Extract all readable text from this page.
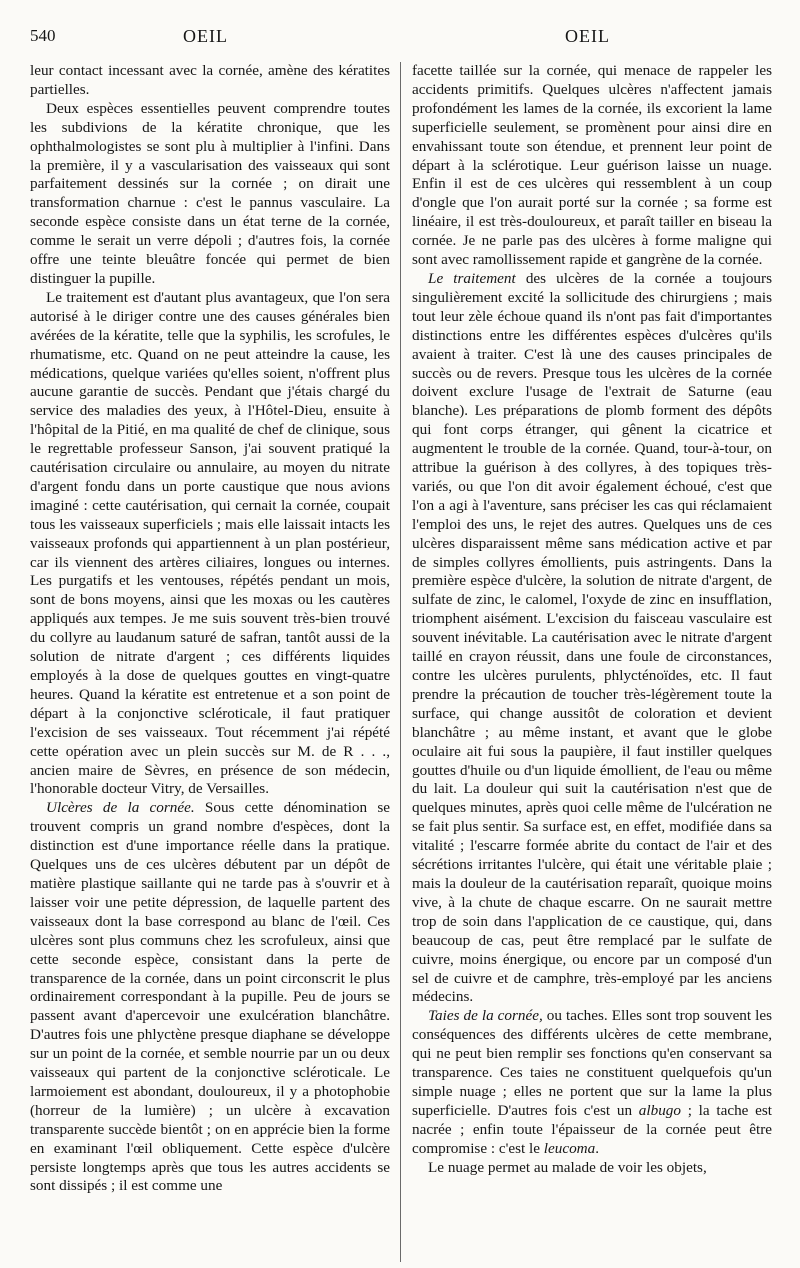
540	OEIL	OEIL

leur contact incessant avec la cornée, amène des kératites partielles.

Deux espèces essentielles peuvent comprendre toutes les subdivions de la kératite chronique, que les ophthalmologistes se sont plu à multiplier à l'infini. Dans la première, il y a vascularisation des vaisseaux qui sont parfaitement dessinés sur la cornée ; on dirait une transformation charnue : c'est le pannus vasculaire. La seconde espèce consiste dans un état terne de la cornée, comme le serait un verre dépoli ; d'autres fois, la cornée offre une teinte bleuâtre foncée qui permet de bien distinguer la pupille.

Le traitement est d'autant plus avantageux, que l'on sera autorisé à le diriger contre une des causes générales bien avérées de la kératite, telle que la syphilis, les scrofules, le rhumatisme, etc. Quand on ne peut atteindre la cause, les médications, quelque variées qu'elles soient, n'offrent plus aucune garantie de succès. Pendant que j'étais chargé du service des maladies des yeux, à l'Hôtel-Dieu, ensuite à l'hôpital de la Pitié, en ma qualité de chef de clinique, sous le regrettable professeur Sanson, j'ai souvent pratiqué la cautérisation circulaire ou annulaire, au moyen du nitrate d'argent fondu dans un porte caustique que nous avions imaginé : cette cautérisation, qui cernait la cornée, coupait tous les vaisseaux superficiels ; mais elle laissait intacts les vaisseaux profonds qui appartiennent à un plan postérieur, car ils viennent des artères ciliaires, longues ou internes. Les purgatifs et les ventouses, répétés pendant un mois, sont de bons moyens, ainsi que les moxas ou les cautères appliqués aux tempes. Je me suis souvent très-bien trouvé du collyre au laudanum saturé de safran, tantôt aussi de la solution de nitrate d'argent ; ces différents liquides employés à la dose de quelques gouttes en vingt-quatre heures. Quand la kératite est entretenue et a son point de départ à la conjonctive scléroticale, il faut pratiquer l'excision de ses vaisseaux. Tout récemment j'ai répété cette opération avec un plein succès sur M. de R . . ., ancien maire de Sèvres, en présence de son médecin, l'honorable docteur Vitry, de Versailles.

Ulcères de la cornée. Sous cette dénomination se trouvent compris un grand nombre d'espèces, dont la distinction est d'une importance réelle dans la pratique. Quelques uns de ces ulcères débutent par un dépôt de matière plastique saillante qui ne tarde pas à s'ouvrir et à laisser voir une petite dépression, de laquelle partent des vaisseaux dont la base correspond au blanc de l'œil. Ces ulcères sont plus communs chez les scrofuleux, ainsi que cette seconde espèce, consistant dans la perte de transparence de la cornée, dans un point circonscrit le plus ordinairement correspondant à la pupille. Peu de jours se passent avant d'apercevoir une exulcération blanchâtre. D'autres fois une phlyctène presque diaphane se développe sur un point de la cornée, et semble nourrie par un ou deux vaisseaux qui partent de la conjonctive scléroticale. Le larmoiement est abondant, douloureux, il y a photophobie (horreur de la lumière) ; un ulcère à excavation transparente succède bientôt ; on en apprécie bien la forme en examinant l'œil obliquement. Cette espèce d'ulcère persiste longtemps après que tous les autres accidents se sont dissipés ; il est comme une

facette taillée sur la cornée, qui menace de rappeler les accidents primitifs. Quelques ulcères n'affectent jamais profondément les lames de la cornée, ils excorient la lame superficielle seulement, se promènent pour ainsi dire en envahissant toute son étendue, et prennent leur point de départ à la sclérotique. Leur guérison laisse un nuage. Enfin il est de ces ulcères qui ressemblent à un coup d'ongle que l'on aurait porté sur la cornée ; sa forme est linéaire, il est très-douloureux, et paraît tailler en biseau la cornée. Je ne parle pas des ulcères à forme maligne qui sont avec ramollissement rapide et gangrène de la cornée.

Le traitement des ulcères de la cornée a toujours singulièrement excité la sollicitude des chirurgiens ; mais tout leur zèle échoue quand ils n'ont pas fait d'importantes distinctions entre les différentes espèces d'ulcères qu'ils avaient à traiter. C'est là une des causes principales de succès ou de revers. Presque tous les ulcères de la cornée doivent exclure l'usage de l'extrait de Saturne (eau blanche). Les préparations de plomb forment des dépôts qui font corps étranger, qui gênent la cicatrice et augmentent le trouble de la cornée. Quand, tour-à-tour, on attribue la guérison à des collyres, à des topiques très-variés, ou que l'on dit avoir également échoué, c'est que l'on a agi à l'aventure, sans préciser les cas qui réclamaient l'emploi des uns, le rejet des autres. Quelques uns de ces ulcères disparaissent même sans médication active et par de simples collyres émollients, puis astringents. Dans la première espèce d'ulcère, la solution de nitrate d'argent, de sulfate de zinc, le calomel, l'oxyde de zinc en insufflation, triomphent aisément. L'excision du faisceau vasculaire est souvent inévitable. La cautérisation avec le nitrate d'argent taillé en crayon réussit, dans une foule de circonstances, contre les ulcères purulents, phlycténoïdes, etc. Il faut prendre la précaution de toucher très-légèrement toute la surface, qui change aussitôt de coloration et devient blanchâtre ; au même instant, et avant que le globe oculaire ait fui sous la paupière, il faut instiller quelques gouttes d'huile ou d'un liquide émollient, de l'eau ou même du lait. La douleur qui suit la cautérisation n'est que de quelques minutes, après quoi celle même de l'ulcération ne se fait plus sentir. Sa surface est, en effet, modifiée dans sa vitalité ; l'escarre formée abrite du contact de l'air et des sécrétions irritantes l'ulcère, qui était une véritable plaie ; mais la douleur de la cautérisation reparaît, quoique moins vive, à la chute de chaque escarre. On ne saurait mettre trop de soin dans l'application de ce caustique, qui, dans beaucoup de cas, peut être remplacé par le sulfate de cuivre, moins énergique, ou encore par un composé d'un sel de cuivre et de camphre, très-employé par les anciens médecins.

Taies de la cornée, ou taches. Elles sont trop souvent les conséquences des différents ulcères de cette membrane, qui ne peut bien remplir ses fonctions qu'en conservant sa transparence. Ces taies ne constituent quelquefois qu'un simple nuage ; elles ne portent que sur la lame la plus superficielle. D'autres fois c'est un albugo ; la tache est nacrée ; enfin toute l'épaisseur de la cornée peut être compromise : c'est le leucoma.

Le nuage permet au malade de voir les objets,
